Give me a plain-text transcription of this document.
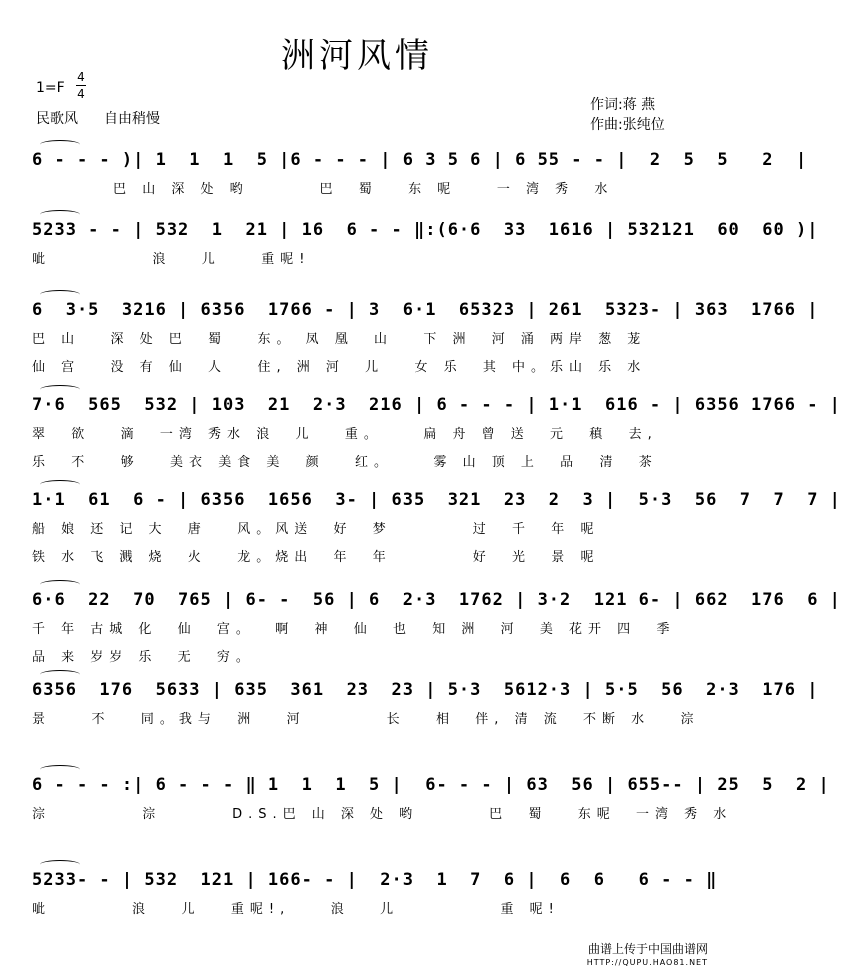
洲河风情
1=F
4
4
民歌风 自由稍慢
作词:蒋 燕
作曲:张纯位
6 - - - )| 1  1  1  5 |6 - - - | 6 3 5 6 | 6 55 - - |  2  5  5   2  |
巴 山 深 处 哟       巴  蜀   东 呢    一 湾 秀  水
5233 - - | 532  1  21 | 16  6 - - ‖:(6·6  33  1616 | 532121  60  60 )|
呲          浪   儿    重呢!
6  3·5  3216 | 6356  1766 - | 3  6·1  65323 | 261  5323- | 363  1766 |
巴 山   深 处 巴  蜀   东。 凤 凰  山   下 洲  河 涌 两岸 葱 茏
仙 宫   没 有 仙  人   住, 洲 河  儿   女 乐  其 中。乐山 乐 水
7·6  565  532 | 103  21  2·3  216 | 6 - - - | 1·1  616 - | 6356 1766 - |
翠  欲   滴  一湾 秀水 浪  儿   重。    扁 舟 曾 送  元  稹  去,
乐  不   够   美衣 美食 美  颜   红。    雾 山 顶 上  品  清  茶
1·1  61  6 - | 6356  1656  3- | 635  321  23  2  3 |  5·3  56  7  7  7 |
船 娘 还 记 大  唐   风。风送  好  梦        过  千  年 呢
铁 水 飞 溅 烧  火   龙。烧出  年  年        好  光  景 呢
6·6  22  70  765 | 6- -  56 | 6  2·3  1762 | 3·2  121 6- | 662  176  6 |
千 年 古城 化  仙  宫。  啊  神  仙  也  知 洲  河  美 花开 四  季
品 来 岁岁 乐  无  穷。
6356  176  5633 | 635  361  23  23 | 5·3  5612·3 | 5·5  56  2·3  176 |
景    不   同。我与  洲   河        长   相  伴, 清 流  不断 水   淙
6 - - - :| 6 - - - ‖ 1  1  1  5 |  6- - - | 63  56 | 655-- | 25  5  2 |
淙         淙       D.S.巴 山 深 处 哟       巴  蜀   东呢  一湾 秀 水
5233- - | 532  121 | 166- - |  2·3  1  7  6 |  6  6   6 - - ‖
呲        浪   儿   重呢!,    浪   儿          重 呢!
曲谱上传于中国曲谱网
HTTP://QUPU.HAO81.NET
